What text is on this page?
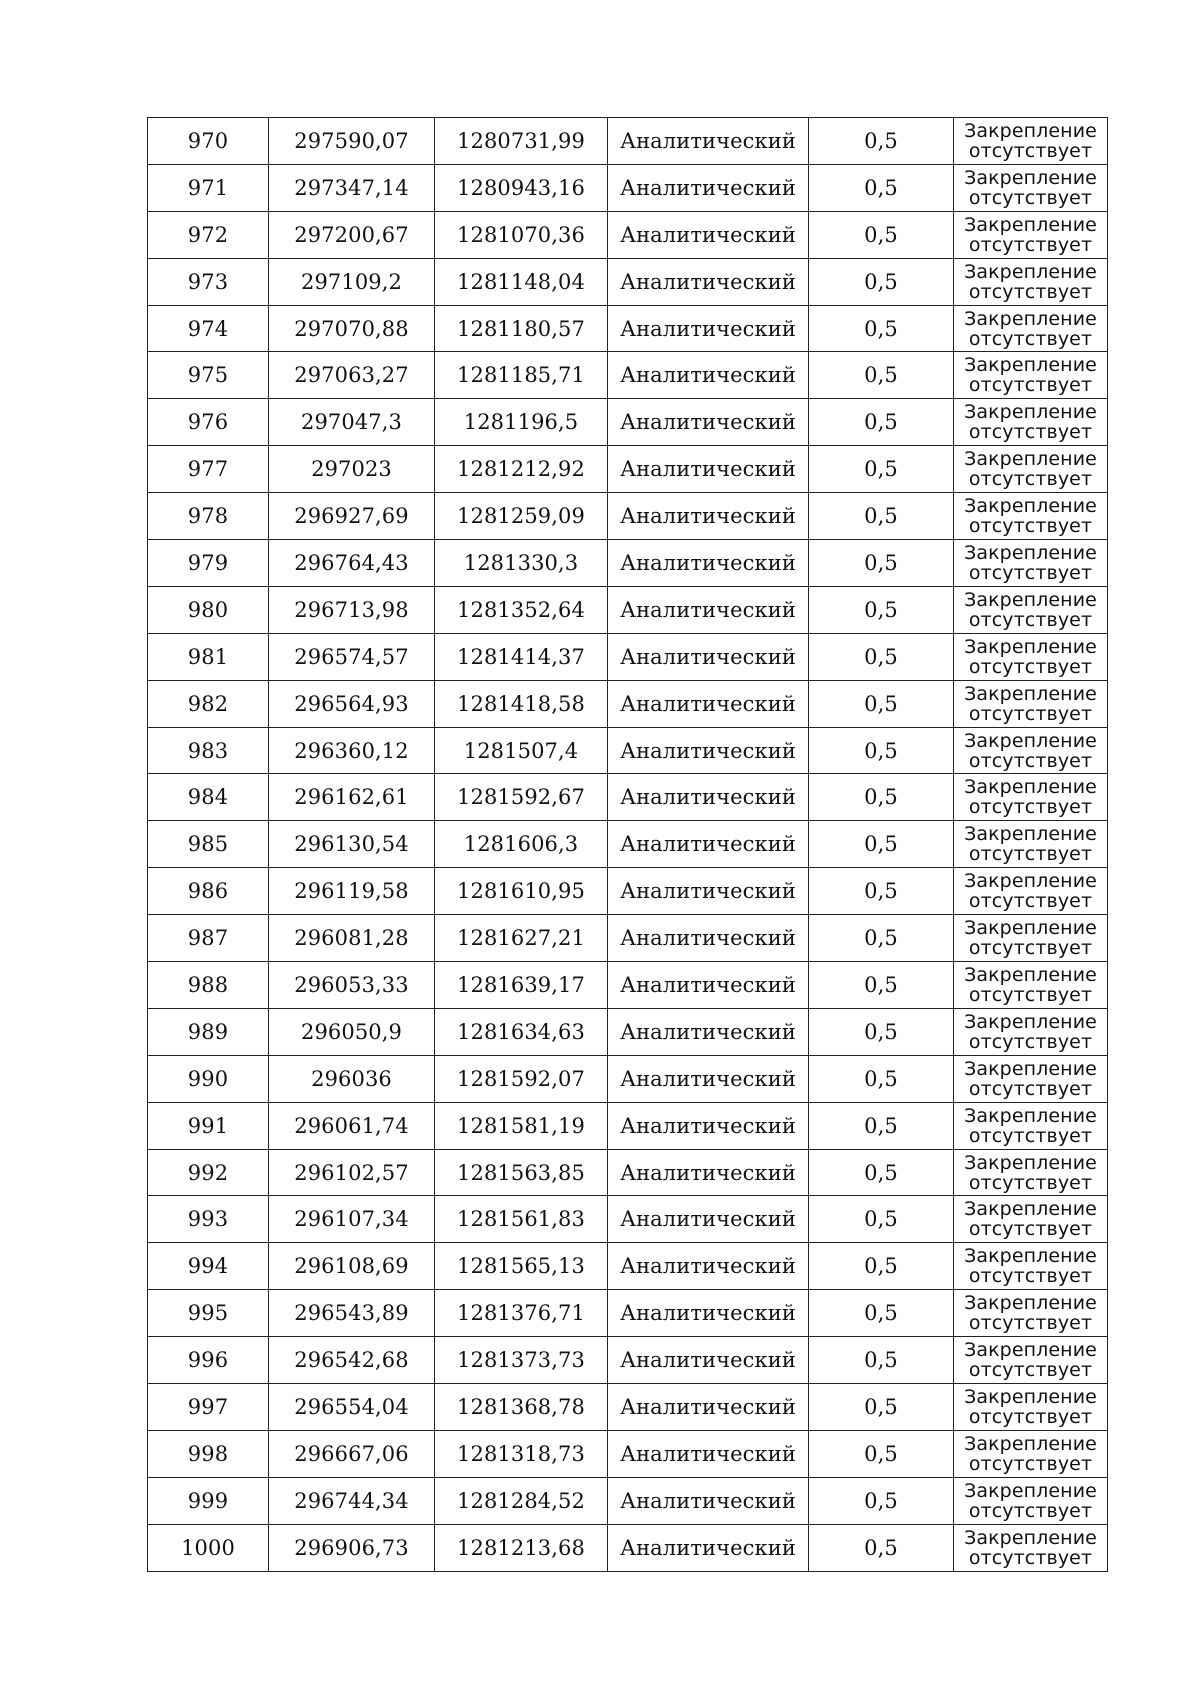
970	297590,07	1280731,99	Аналитический	0,5	Закрепление
отсутствует

971	297347,14	1280943,16	Аналитический	0,5	Закрепление
отсутствует

972	297200,67	1281070,36	Аналитический	0,5	Закрепление
отсутствует

973	297109,2	1281148,04	Аналитический	0,5	Закрепление
отсутствует

974	297070,88	1281180,57	Аналитический	0,5	Закрепление
отсутствует

975	297063,27	1281185,71	Аналитический	0,5	Закрепление
отсутствует

976	297047,3	1281196,5	Аналитический	0,5	Закрепление
отсутствует

977	297023	1281212,92	Аналитический	0,5	Закрепление
отсутствует

978	296927,69	1281259,09	Аналитический	0,5	Закрепление
отсутствует

979	296764,43	1281330,3	Аналитический	0,5	Закрепление
отсутствует

980	296713,98	1281352,64	Аналитический	0,5	Закрепление
отсутствует

981	296574,57	1281414,37	Аналитический	0,5	Закрепление
отсутствует

982	296564,93	1281418,58	Аналитический	0,5	Закрепление
отсутствует

983	296360,12	1281507,4	Аналитический	0,5	Закрепление
отсутствует

984	296162,61	1281592,67	Аналитический	0,5	Закрепление
отсутствует

985	296130,54	1281606,3	Аналитический	0,5	Закрепление
отсутствует

986	296119,58	1281610,95	Аналитический	0,5	Закрепление
отсутствует

987	296081,28	1281627,21	Аналитический	0,5	Закрепление
отсутствует

988	296053,33	1281639,17	Аналитический	0,5	Закрепление
отсутствует

989	296050,9	1281634,63	Аналитический	0,5	Закрепление
отсутствует

990	296036	1281592,07	Аналитический	0,5	Закрепление
отсутствует

991	296061,74	1281581,19	Аналитический	0,5	Закрепление
отсутствует

992	296102,57	1281563,85	Аналитический	0,5	Закрепление
отсутствует

993	296107,34	1281561,83	Аналитический	0,5	Закрепление
отсутствует

994	296108,69	1281565,13	Аналитический	0,5	Закрепление
отсутствует

995	296543,89	1281376,71	Аналитический	0,5	Закрепление
отсутствует

996	296542,68	1281373,73	Аналитический	0,5	Закрепление
отсутствует

997	296554,04	1281368,78	Аналитический	0,5	Закрепление
отсутствует

998	296667,06	1281318,73	Аналитический	0,5	Закрепление
отсутствует

999	296744,34	1281284,52	Аналитический	0,5	Закрепление
отсутствует

1000	296906,73	1281213,68	Аналитический	0,5	Закрепление
отсутствует
